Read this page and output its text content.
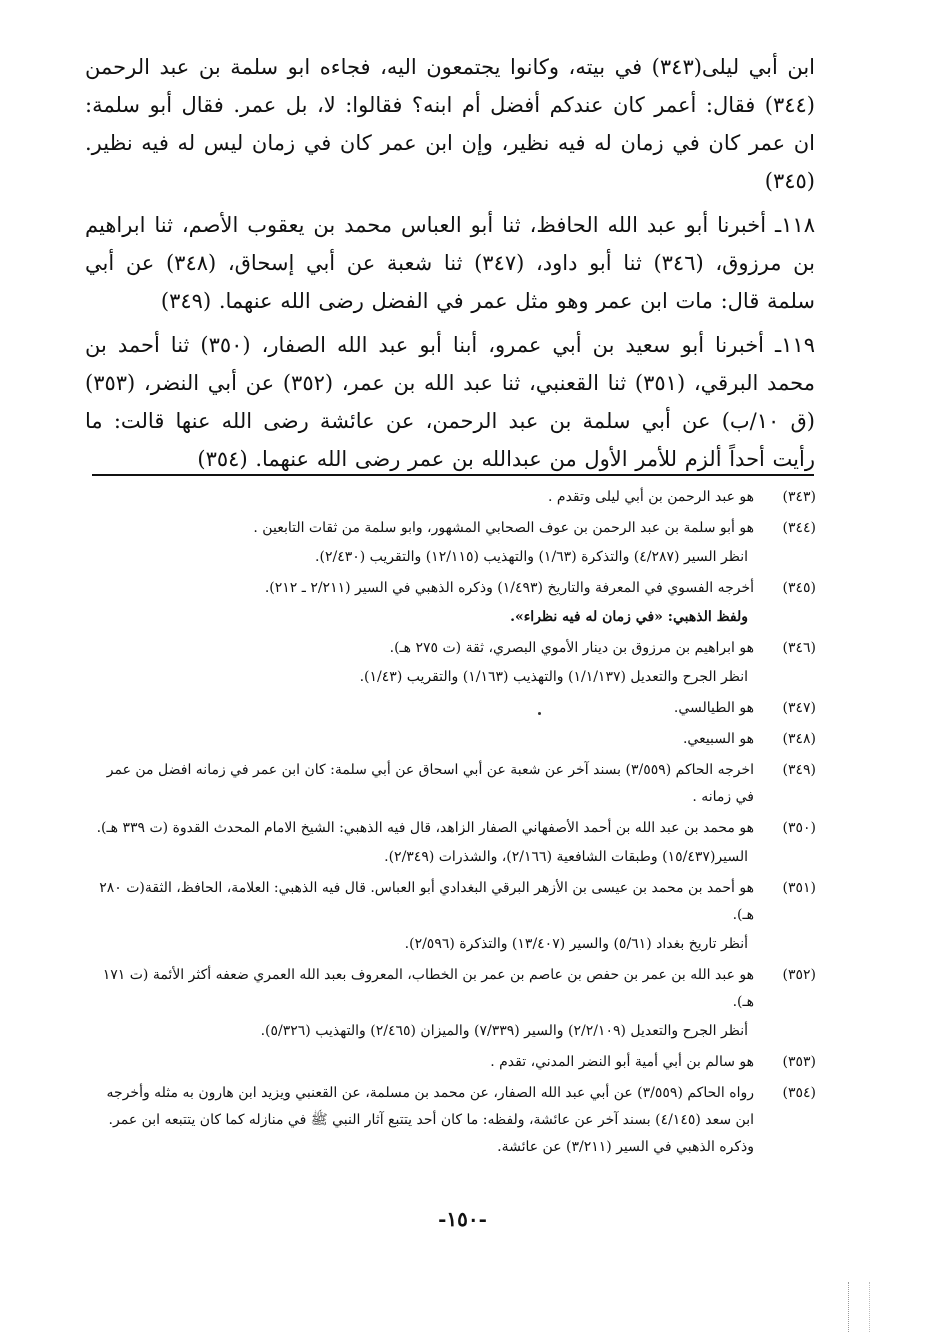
ابن أبي ليلى(٣٤٣) في بيته، وكانوا يجتمعون اليه، فجاءه ابو سلمة بن عبد الرحمن (٣٤٤) فقال: أعمر كان عندكم أفضل أم ابنه؟ فقالوا: لا، بل عمر. فقال أبو سلمة: ان عمر كان في زمان له فيه نظير، وإن ابن عمر كان في زمان ليس له فيه نظير. (٣٤٥)

١١٨ـ أخبرنا أبو عبد الله الحافظ، ثنا أبو العباس محمد بن يعقوب الأصم، ثنا ابراهيم بن مرزوق، (٣٤٦) ثنا أبو داود، (٣٤٧) ثنا شعبة عن أبي إسحاق، (٣٤٨) عن أبي سلمة قال: مات ابن عمر وهو مثل عمر في الفضل رضى الله عنهما. (٣٤٩)

١١٩ـ أخبرنا أبو سعيد بن أبي عمرو، أبنا أبو عبد الله الصفار، (٣٥٠) ثنا أحمد بن محمد البرقي، (٣٥١) ثنا القعنبي، ثنا عبد الله بن عمر، (٣٥٢) عن أبي النضر، (٣٥٣) (ق ١٠/ب) عن أبي سلمة بن عبد الرحمن، عن عائشة رضى الله عنها قالت: ما رأيت أحداً ألزم للأمر الأول من عبدالله بن عمر رضى الله عنهما. (٣٥٤)

(٣٤٣)
هو عبد الرحمن بن أبي ليلى وتقدم .
(٣٤٤)
هو أبو سلمة بن عبد الرحمن بن عوف الصحابي المشهور، وابو سلمة من ثقات التابعين .
انظر السير (٤/٢٨٧) والتذكرة (١/٦٣) والتهذيب (١٢/١١٥) والتقريب (٢/٤٣٠).
(٣٤٥)
أخرجه الفسوي في المعرفة والتاريخ (١/٤٩٣) وذكره الذهبي في السير (٢/٢١١ ـ ٢١٢).
ولفظ الذهبي: «في زمان له فيه نظراء».
(٣٤٦)
هو ابراهيم بن مرزوق بن دينار الأموي البصري، ثقة (ت ٢٧٥ هـ).
انظر الجرح والتعديل (١/١/١٣٧) والتهذيب (١/١٦٣) والتقريب (١/٤٣).
(٣٤٧)
هو الطيالسي.
(٣٤٨)
هو السبيعي.
(٣٤٩)
اخرجه الحاكم (٣/٥٥٩) بسند آخر عن شعبة عن أبي اسحاق عن أبي سلمة: كان ابن عمر في زمانه افضل من عمر في زمانه .
(٣٥٠)
هو محمد بن عبد الله بن أحمد الأصفهاني الصفار الزاهد، قال فيه الذهبي: الشيخ الامام المحدث القدوة (ت ٣٣٩ هـ).
السير(١٥/٤٣٧) وطبقات الشافعية (٢/١٦٦)، والشذرات (٢/٣٤٩).
(٣٥١)
هو أحمد بن محمد بن عيسى بن الأزهر البرقي البغدادي أبو العباس. قال فيه الذهبي: العلامة، الحافظ، الثقة(ت ٢٨٠ هـ).
أنظر تاريخ بغداد (٥/٦١) والسير (١٣/٤٠٧) والتذكرة (٢/٥٩٦).
(٣٥٢)
هو عبد الله بن عمر بن حفص بن عاصم بن عمر بن الخطاب، المعروف بعبد الله العمري ضعفه أكثر الأئمة (ت ١٧١ هـ).
أنظر الجرح والتعديل (٢/٢/١٠٩) والسير (٧/٣٣٩) والميزان (٢/٤٦٥) والتهذيب (٥/٣٢٦).
(٣٥٣)
هو سالم بن أبي أمية أبو النضر المدني، تقدم .
(٣٥٤)
رواه الحاكم (٣/٥٥٩) عن أبي عبد الله الصفار، عن محمد بن مسلمة، عن القعنبي ويزيد ابن هارون به مثله وأخرجه ابن سعد (٤/١٤٥) بسند آخر عن عائشة، ولفظه: ما كان أحد يتتبع آثار النبي ﷺ في منازله كما كان يتتبعه ابن عمر. وذكره الذهبي في السير (٣/٢١١) عن عائشة.
-١٥٠-
